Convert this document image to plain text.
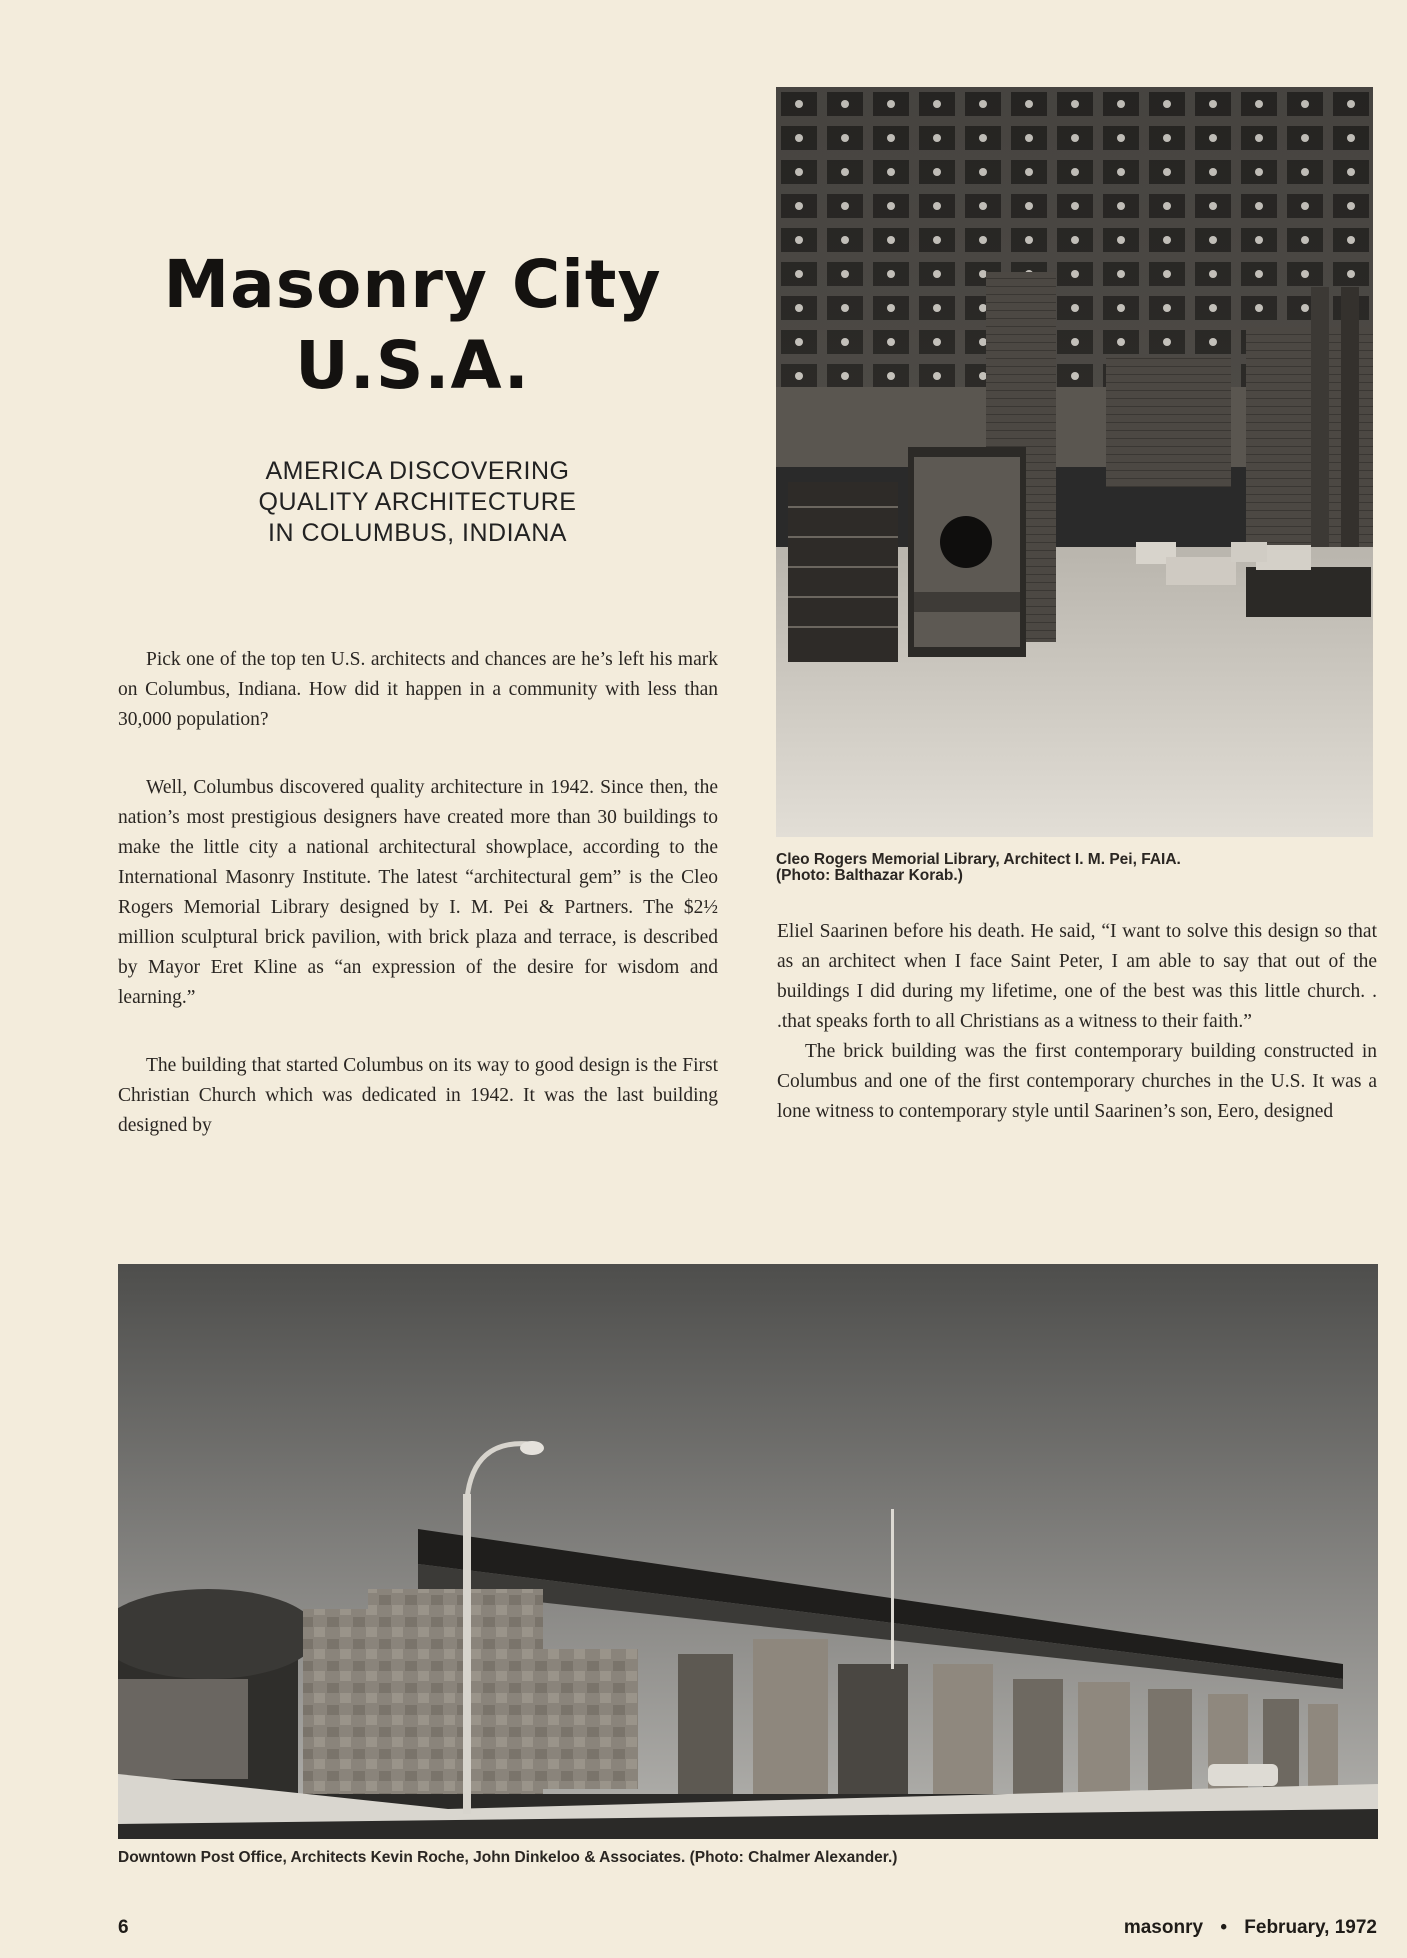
Masonry City
U.S.A.
AMERICA DISCOVERING
QUALITY ARCHITECTURE
IN COLUMBUS, INDIANA

Pick one of the top ten U.S. architects and chances are he’s left his mark on Columbus, Indiana. How did it happen in a community with less than 30,000 population?

Well, Columbus discovered quality architecture in 1942. Since then, the nation’s most prestigious designers have created more than 30 buildings to make the little city a national architectural showplace, according to the International Masonry Institute. The latest “architectural gem” is the Cleo Rogers Memorial Library designed by I. M. Pei & Partners. The $2½ million sculptural brick pavilion, with brick plaza and terrace, is described by Mayor Eret Kline as “an expression of the desire for wisdom and learning.”

The building that started Columbus on its way to good design is the First Christian Church which was dedicated in 1942. It was the last building designed by

Cleo Rogers Memorial Library, Architect I. M. Pei, FAIA.
(Photo: Balthazar Korab.)

Eliel Saarinen before his death. He said, “I want to solve this design so that as an architect when I face Saint Peter, I am able to say that out of the buildings I did during my lifetime, one of the best was this little church. . .that speaks forth to all Christians as a witness to their faith.”

The brick building was the first contemporary building constructed in Columbus and one of the first contemporary churches in the U.S. It was a lone witness to contemporary style until Saarinen’s son, Eero, designed

Downtown Post Office, Architects Kevin Roche, John Dinkeloo & Associates. (Photo: Chalmer Alexander.)
6	masonry • February, 1972
